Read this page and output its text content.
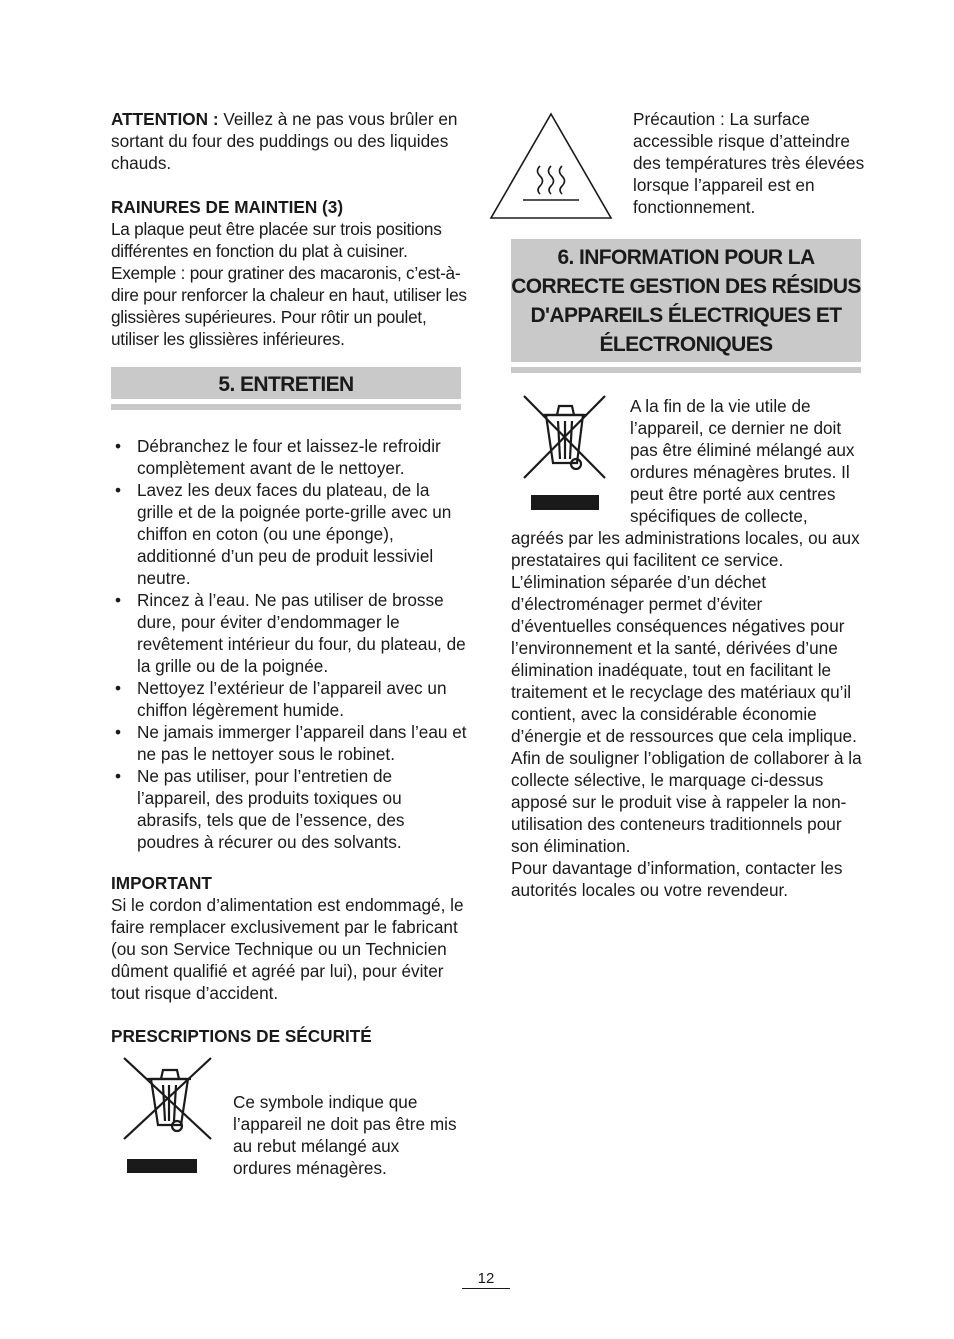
ATTENTION : Veillez à ne pas vous brûler en sortant du four des puddings ou des liquides chauds.

RAINURES DE MAINTIEN (3)

La plaque peut être placée sur trois positions différentes en fonction du plat à cuisiner. Exemple : pour gratiner des macaronis, c’est-à-dire pour renforcer la chaleur en haut, utiliser les glissières supérieures. Pour rôtir un poulet, utiliser les glissières inférieures.

5. ENTRETIEN
• Débranchez le four et laissez-le refroidir complètement avant de le nettoyer.
• Lavez les deux faces du plateau, de la grille et de la poignée porte-grille avec un chiffon en coton (ou une éponge), additionné d’un peu de produit lessiviel neutre.
• Rincez à l’eau. Ne pas utiliser de brosse dure, pour éviter d’endommager le revêtement intérieur du four, du plateau, de la grille ou de la poignée.
• Nettoyez l’extérieur de l’appareil avec un chiffon légèrement humide.
• Ne jamais immerger l’appareil dans l’eau et ne pas le nettoyer sous le robinet.
• Ne pas utiliser, pour l’entretien de l’appareil, des produits toxiques ou abrasifs, tels que de l’essence, des poudres à récurer ou des solvants.

IMPORTANT

Si le cordon d’alimentation est endommagé, le faire remplacer exclusivement par le fabricant (ou son Service Technique ou un Technicien dûment qualifié et agréé par lui), pour éviter tout risque d’accident.

PRESCRIPTIONS DE SÉCURITÉ

Ce symbole indique que l’appareil ne doit pas être mis au rebut mélangé aux ordures ménagères.

Précaution : La surface accessible risque d’atteindre des températures très élevées lorsque l’appareil est en fonctionnement.

6. INFORMATION POUR LA
CORRECTE GESTION DES RÉSIDUS
D'APPAREILS ÉLECTRIQUES ET
ÉLECTRONIQUES

A la fin de la vie utile de l’appareil, ce dernier ne doit pas être éliminé mélangé aux ordures ménagères brutes. Il peut être porté aux centres spécifiques de collecte,

agréés par les administrations locales, ou aux prestataires qui facilitent ce service. L’élimination séparée d’un déchet d’électroménager permet d’éviter d’éventuelles conséquences négatives pour l’environnement et la santé, dérivées d’une élimination inadéquate, tout en facilitant le traitement et le recyclage des matériaux qu’il contient, avec la considérable économie d’énergie et de ressources que cela implique.

Afin de souligner l’obligation de collaborer à la collecte sélective, le marquage ci-dessus apposé sur le produit vise à rappeler la non-utilisation des conteneurs traditionnels pour son élimination.

Pour davantage d’information, contacter les autorités locales ou votre revendeur.

12
